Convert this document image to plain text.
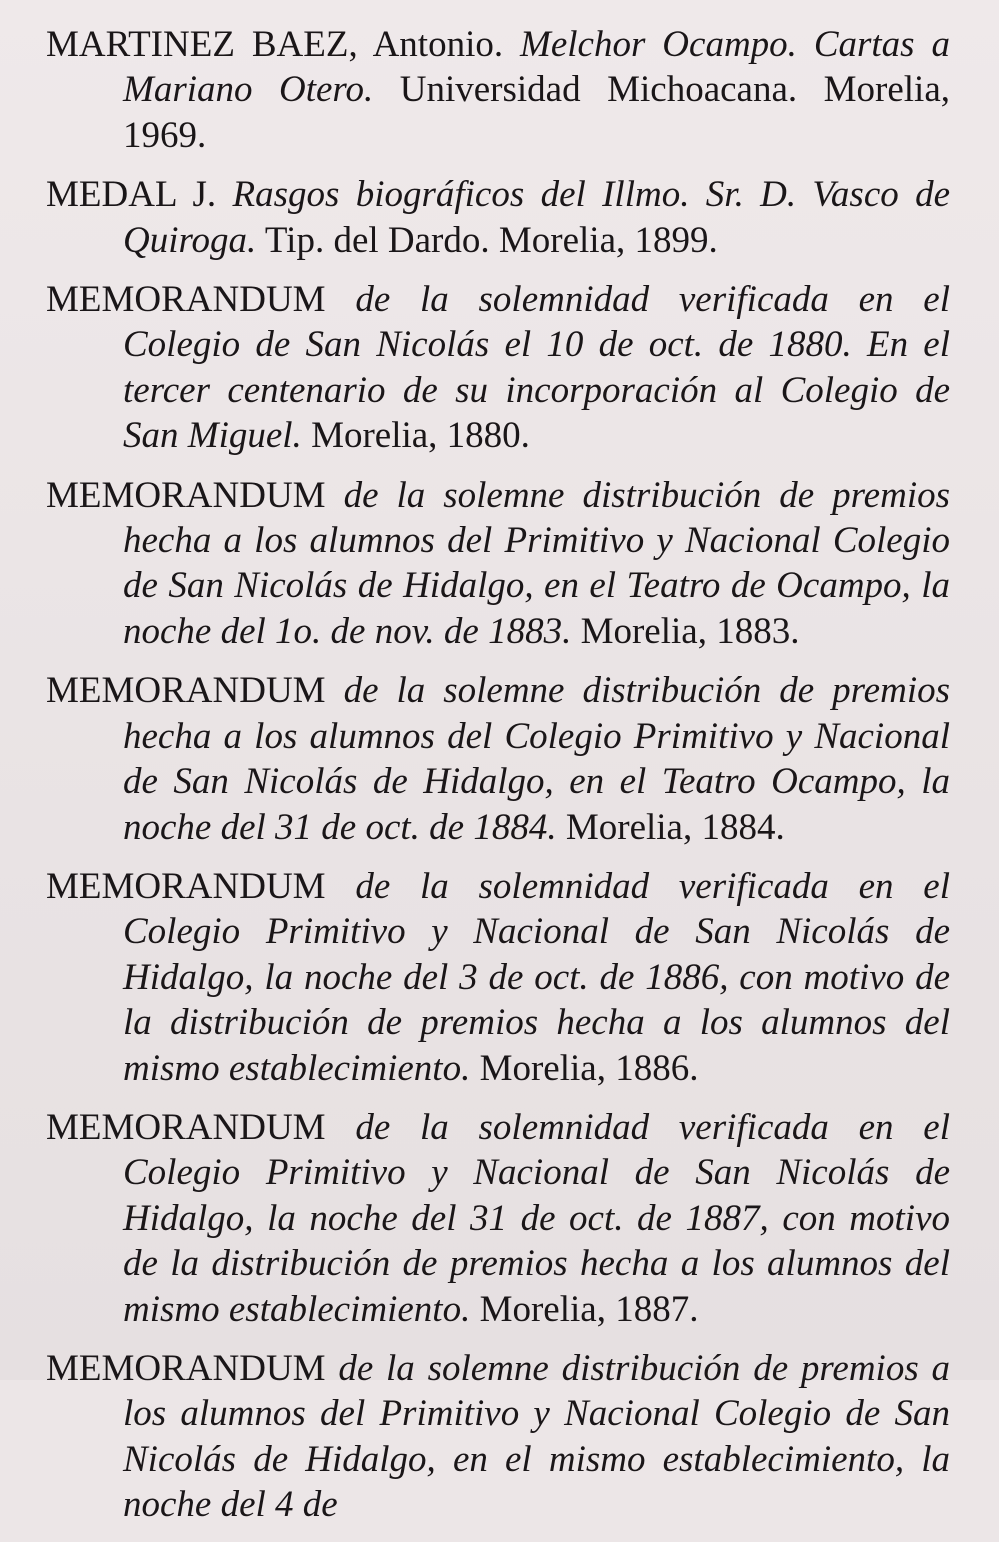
MARTINEZ BAEZ, Antonio. Melchor Ocampo. Cartas a Mariano Otero. Universidad Michoacana. Morelia, 1969.

MEDAL J. Rasgos biográficos del Illmo. Sr. D. Vasco de Quiroga. Tip. del Dardo. Morelia, 1899.

MEMORANDUM de la solemnidad verificada en el Colegio de San Nicolás el 10 de oct. de 1880. En el tercer centenario de su incorporación al Colegio de San Miguel. Morelia, 1880.

MEMORANDUM de la solemne distribución de premios hecha a los alumnos del Primitivo y Nacional Colegio de San Nicolás de Hidalgo, en el Teatro de Ocampo, la noche del 1o. de nov. de 1883. Morelia, 1883.

MEMORANDUM de la solemne distribución de premios hecha a los alumnos del Colegio Primitivo y Nacional de San Nicolás de Hidalgo, en el Teatro Ocampo, la noche del 31 de oct. de 1884. Morelia, 1884.

MEMORANDUM de la solemnidad verificada en el Colegio Primitivo y Nacional de San Nicolás de Hidalgo, la noche del 3 de oct. de 1886, con motivo de la distribución de premios hecha a los alumnos del mismo establecimiento. Morelia, 1886.

MEMORANDUM de la solemnidad verificada en el Colegio Primitivo y Nacional de San Nicolás de Hidalgo, la noche del 31 de oct. de 1887, con motivo de la distribución de premios hecha a los alumnos del mismo establecimiento. Morelia, 1887.

MEMORANDUM de la solemne distribución de premios a los alumnos del Primitivo y Nacional Colegio de San Nicolás de Hidalgo, en el mismo establecimiento, la noche del 4 de
